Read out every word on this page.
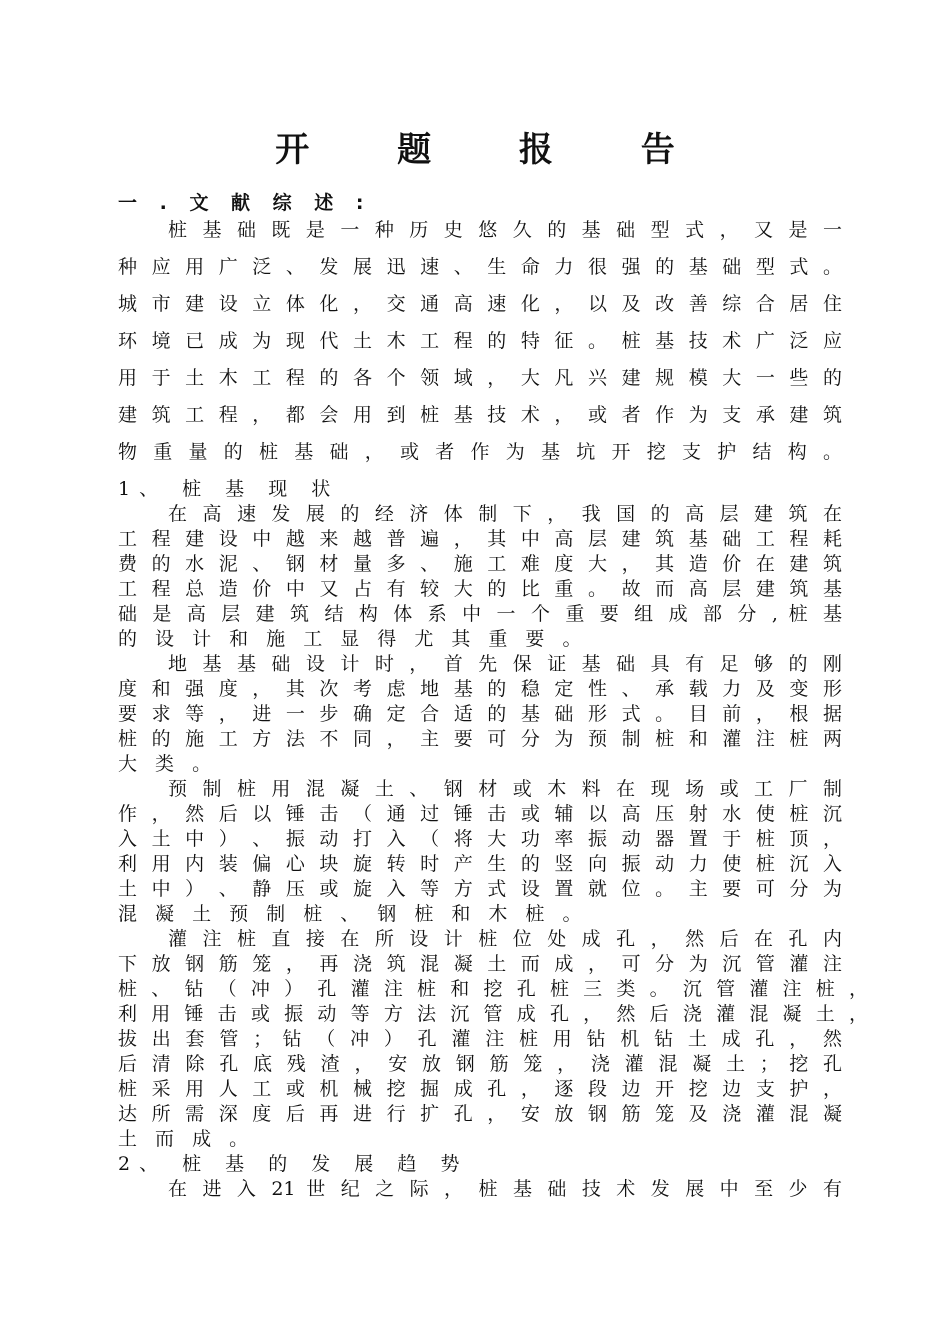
开 题 报 告
一 . 文 献 综 述 :
桩 基 础 既 是 一 种 历 史 悠 久 的 基 础 型 式 ， 又 是 一
种 应 用 广 泛 、 发 展 迅 速 、 生 命 力 很 强 的 基 础 型 式 。
城 市 建 设 立 体 化 ， 交 通 高 速 化 ， 以 及 改 善 综 合 居 住
环 境 已 成 为 现 代 土 木 工 程 的 特 征 。 桩 基 技 术 广 泛 应
用 于 土 木 工 程 的 各 个 领 域 ， 大 凡 兴 建 规 模 大 一 些 的
建 筑 工 程 ， 都 会 用 到 桩 基 技 术 ， 或 者 作 为 支 承 建 筑
物 重 量 的 桩 基 础 ， 或 者 作 为 基 坑 开 挖 支 护 结 构 。
1、 桩 基 现 状
在 高 速 发 展 的 经 济 体 制 下 ， 我 国 的 高 层 建 筑 在
工 程 建 设 中 越 来 越 普 遍 ， 其 中 高 层 建 筑 基 础 工 程 耗
费 的 水 泥 、 钢 材 量 多 、 施 工 难 度 大 ， 其 造 价 在 建 筑
工 程 总 造 价 中 又 占 有 较 大 的 比 重 。 故 而 高 层 建 筑 基
础 是 高 层 建 筑 结 构 体 系 中 一 个 重 要 组 成 部 分 , 桩 基
的 设 计 和 施 工 显 得 尤 其 重 要 。
地 基 基 础 设 计 时 ， 首 先 保 证 基 础 具 有 足 够 的 刚
度 和 强 度 ， 其 次 考 虑 地 基 的 稳 定 性 、 承 载 力 及 变 形
要 求 等 ， 进 一 步 确 定 合 适 的 基 础 形 式 。 目 前 ， 根 据
桩 的 施 工 方 法 不 同 ， 主 要 可 分 为 预 制 桩 和 灌 注 桩 两
大 类 。
预 制 桩 用 混 凝 土 、 钢 材 或 木 料 在 现 场 或 工 厂 制
作 ， 然 后 以 锤 击 （ 通 过 锤 击 或 辅 以 高 压 射 水 使 桩 沉
入 土 中 ） 、 振 动 打 入 （ 将 大 功 率 振 动 器 置 于 桩 顶 ，
利 用 内 装 偏 心 块 旋 转 时 产 生 的 竖 向 振 动 力 使 桩 沉 入
土 中 ） 、 静 压 或 旋 入 等 方 式 设 置 就 位 。 主 要 可 分 为
混 凝 土 预 制 桩 、 钢 桩 和 木 桩 。
灌 注 桩 直 接 在 所 设 计 桩 位 处 成 孔 ， 然 后 在 孔 内
下 放 钢 筋 笼 ， 再 浇 筑 混 凝 土 而 成 ， 可 分 为 沉 管 灌 注
桩 、 钻 （ 冲 ） 孔 灌 注 桩 和 挖 孔 桩 三 类 。 沉 管 灌 注 桩 ，
利 用 锤 击 或 振 动 等 方 法 沉 管 成 孔 ， 然 后 浇 灌 混 凝 土 ，
拔 出 套 管 ； 钻 （ 冲 ） 孔 灌 注 桩 用 钻 机 钻 土 成 孔 ， 然
后 清 除 孔 底 残 渣 ， 安 放 钢 筋 笼 ， 浇 灌 混 凝 土 ； 挖 孔
桩 采 用 人 工 或 机 械 挖 掘 成 孔 ， 逐 段 边 开 挖 边 支 护 ，
达 所 需 深 度 后 再 进 行 扩 孔 ， 安 放 钢 筋 笼 及 浇 灌 混 凝
土 而 成 。
2、 桩 基 的 发 展 趋 势
在 进 入 21 世 纪 之 际 ， 桩 基 础 技 术 发 展 中 至 少 有
